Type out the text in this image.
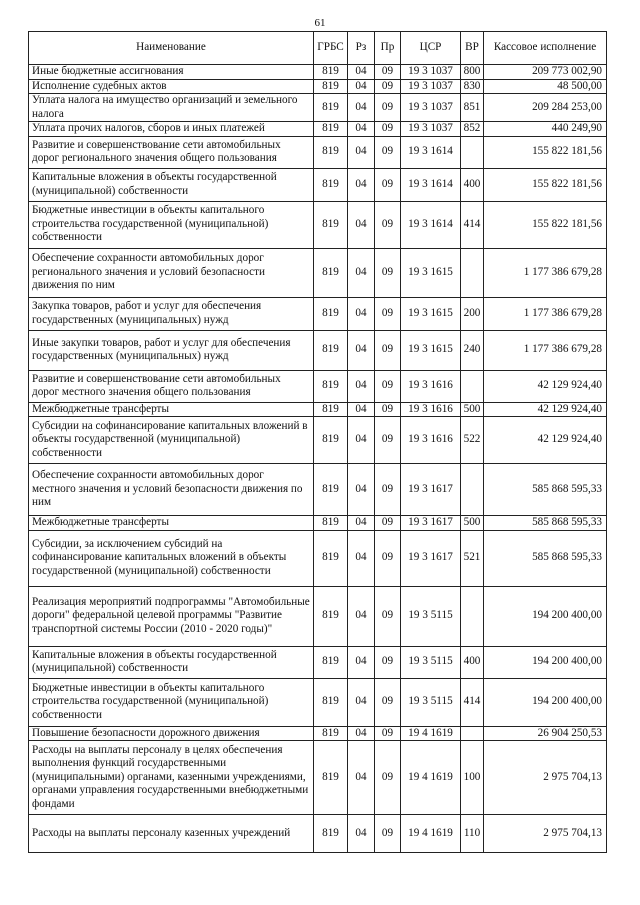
61
Наименование	ГРБС	Рз	Пр	ЦСР	ВР	Кассовое исполнение
Иные бюджетные ассигнования	819	04	09	19 3 1037	800	209 773 002,90
Исполнение судебных актов	819	04	09	19 3 1037	830	48 500,00
Уплата налога на имущество организаций и земельного налога	819	04	09	19 3 1037	851	209 284 253,00
Уплата прочих налогов, сборов и иных платежей	819	04	09	19 3 1037	852	440 249,90
Развитие и совершенствование сети автомобильных дорог регионального значения общего пользования	819	04	09	19 3 1614		155 822 181,56
Капитальные вложения в объекты государственной (муниципальной) собственности	819	04	09	19 3 1614	400	155 822 181,56
Бюджетные инвестиции в объекты капитального строительства государственной (муниципальной) собственности	819	04	09	19 3 1614	414	155 822 181,56
Обеспечение сохранности автомобильных дорог регионального значения и условий безопасности движения по ним	819	04	09	19 3 1615		1 177 386 679,28
Закупка товаров, работ и услуг для обеспечения государственных (муниципальных) нужд	819	04	09	19 3 1615	200	1 177 386 679,28
Иные закупки товаров, работ и услуг для обеспечения государственных (муниципальных) нужд	819	04	09	19 3 1615	240	1 177 386 679,28
Развитие и совершенствование сети автомобильных дорог местного значения общего пользования	819	04	09	19 3 1616		42 129 924,40
Межбюджетные трансферты	819	04	09	19 3 1616	500	42 129 924,40
Субсидии на софинансирование капитальных вложений в объекты государственной (муниципальной) собственности	819	04	09	19 3 1616	522	42 129 924,40
Обеспечение сохранности автомобильных дорог местного значения и условий безопасности движения по ним	819	04	09	19 3 1617		585 868 595,33
Межбюджетные трансферты	819	04	09	19 3 1617	500	585 868 595,33
Субсидии, за исключением субсидий на софинансирование капитальных вложений в объекты государственной (муниципальной) собственности	819	04	09	19 3 1617	521	585 868 595,33
Реализация мероприятий подпрограммы "Автомобильные дороги" федеральной целевой программы "Развитие транспортной системы России (2010 - 2020 годы)"	819	04	09	19 3 5115		194 200 400,00
Капитальные вложения в объекты государственной (муниципальной) собственности	819	04	09	19 3 5115	400	194 200 400,00
Бюджетные инвестиции в объекты капитального строительства государственной (муниципальной) собственности	819	04	09	19 3 5115	414	194 200 400,00
Повышение безопасности дорожного движения	819	04	09	19 4 1619		26 904 250,53
Расходы на выплаты персоналу в целях обеспечения выполнения функций государственными (муниципальными) органами, казенными учреждениями, органами управления государственными внебюджетными фондами	819	04	09	19 4 1619	100	2 975 704,13
Расходы на выплаты персоналу казенных учреждений	819	04	09	19 4 1619	110	2 975 704,13
